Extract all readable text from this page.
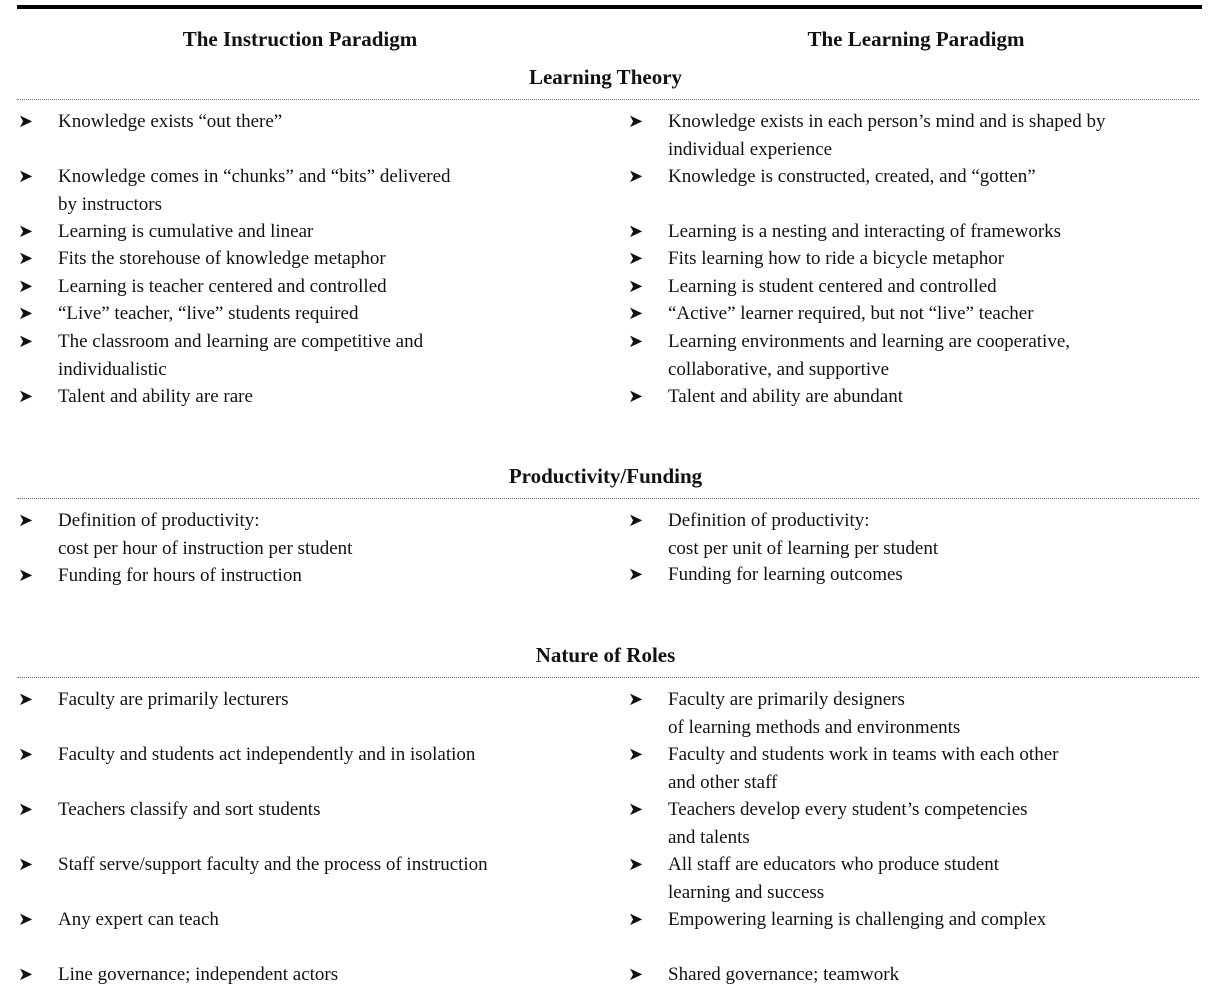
The Instruction Paradigm	The Learning Paradigm
Learning Theory
➤ Knowledge exists “out there”
➤ Knowledge comes in “chunks” and “bits” delivered
by instructors
➤ Learning is cumulative and linear
➤ Fits the storehouse of knowledge metaphor
➤ Learning is teacher centered and controlled
➤ “Live” teacher, “live” students required
➤ The classroom and learning are competitive and
individualistic
➤ Talent and ability are rare
➤ Knowledge exists in each person’s mind and is shaped by
individual experience
➤ Knowledge is constructed, created, and “gotten”
➤ Learning is a nesting and interacting of frameworks
➤ Fits learning how to ride a bicycle metaphor
➤ Learning is student centered and controlled
➤ “Active” learner required, but not “live” teacher
➤ Learning environments and learning are cooperative,
collaborative, and supportive
➤ Talent and ability are abundant
Productivity/Funding
➤ Definition of productivity:
cost per hour of instruction per student
➤ Funding for hours of instruction
➤ Definition of productivity:
cost per unit of learning per student
➤ Funding for learning outcomes
Nature of Roles
➤ Faculty are primarily lecturers
➤ Faculty and students act independently and in isolation
➤ Teachers classify and sort students
➤ Staff serve/support faculty and the process of instruction
➤ Any expert can teach
➤ Line governance; independent actors
➤ Faculty are primarily designers
of learning methods and environments
➤ Faculty and students work in teams with each other
and other staff
➤ Teachers develop every student’s competencies
and talents
➤ All staff are educators who produce student
learning and success
➤ Empowering learning is challenging and complex
➤ Shared governance; teamwork
